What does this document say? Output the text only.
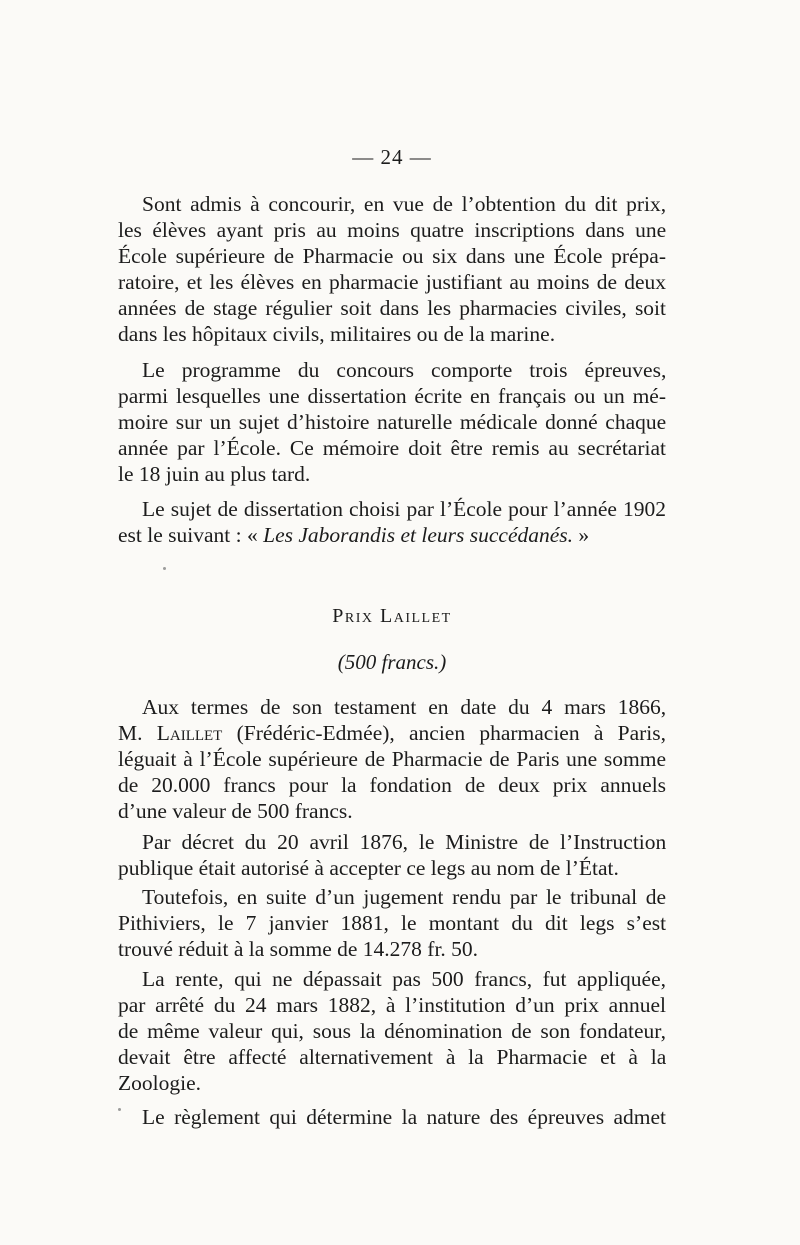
— 24 —

Sont admis à concourir, en vue de l’obtention du dit prix,
les élèves ayant pris au moins quatre inscriptions dans une
École supérieure de Pharmacie ou six dans une École prépa-
ratoire, et les élèves en pharmacie justifiant au moins de deux
années de stage régulier soit dans les pharmacies civiles, soit
dans les hôpitaux civils, militaires ou de la marine.

Le programme du concours comporte trois épreuves,
parmi lesquelles une dissertation écrite en français ou un mé-
moire sur un sujet d’histoire naturelle médicale donné chaque
année par l’École. Ce mémoire doit être remis au secrétariat
le 18 juin au plus tard.

Le sujet de dissertation choisi par l’École pour l’année 1902
est le suivant : « Les Jaborandis et leurs succédanés. »

Prix Laillet
(500 francs.)

Aux termes de son testament en date du 4 mars 1866,
M. Laillet (Frédéric-Edmée), ancien pharmacien à Paris,
léguait à l’École supérieure de Pharmacie de Paris une somme
de 20.000 francs pour la fondation de deux prix annuels
d’une valeur de 500 francs.

Par décret du 20 avril 1876, le Ministre de l’Instruction
publique était autorisé à accepter ce legs au nom de l’État.

Toutefois, en suite d’un jugement rendu par le tribunal de
Pithiviers, le 7 janvier 1881, le montant du dit legs s’est
trouvé réduit à la somme de 14.278 fr. 50.

La rente, qui ne dépassait pas 500 francs, fut appliquée,
par arrêté du 24 mars 1882, à l’institution d’un prix annuel
de même valeur qui, sous la dénomination de son fondateur,
devait être affecté alternativement à la Pharmacie et à la
Zoologie.

Le règlement qui détermine la nature des épreuves admet
